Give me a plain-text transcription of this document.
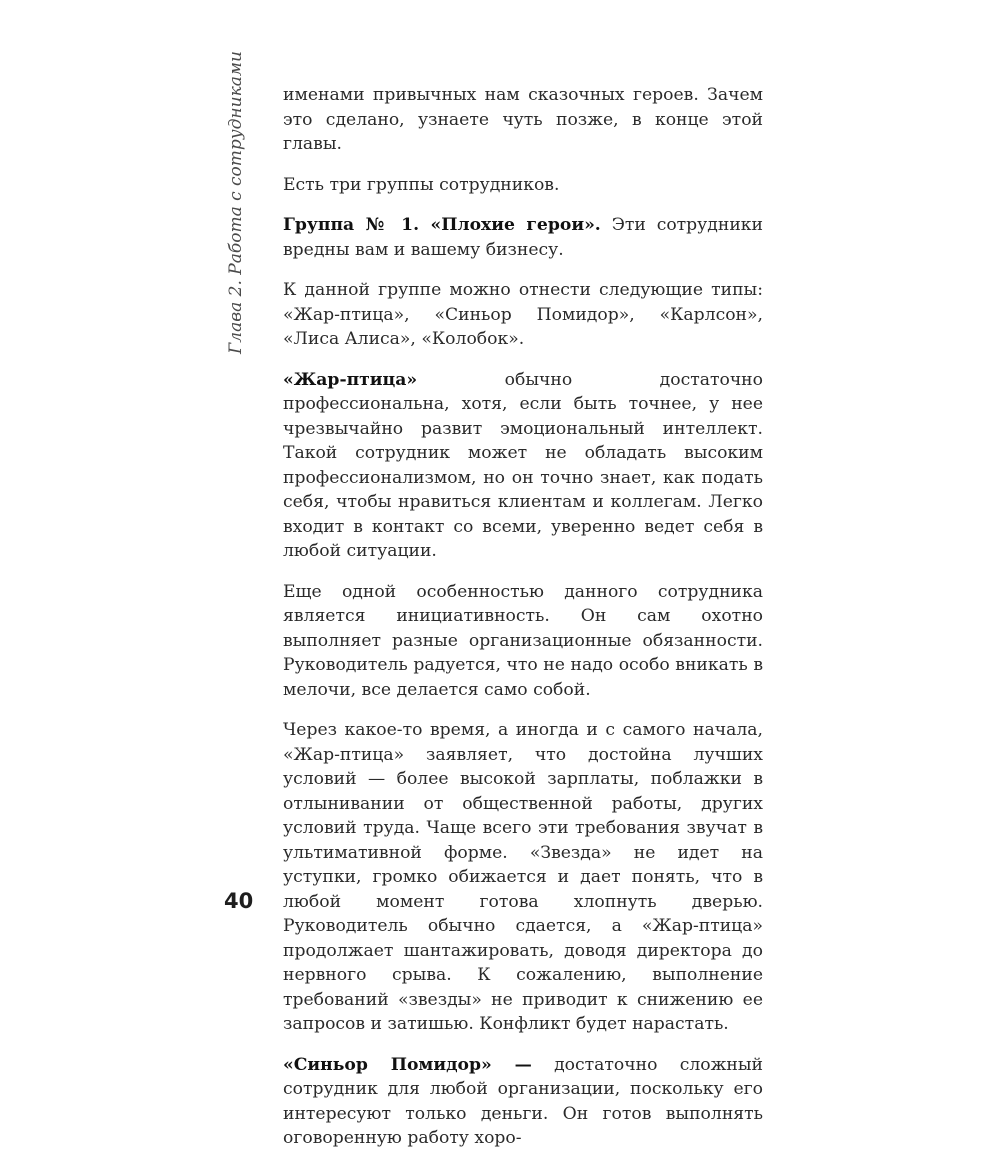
Глава 2. Работа с сотрудниками
40

именами привычных нам сказочных героев. Зачем это сделано, узнаете чуть позже, в конце этой главы.

Есть три группы сотрудников.

Группа № 1. «Плохие герои». Эти сотрудники вредны вам и вашему бизнесу.

К данной группе можно отнести следующие типы: «Жар-птица», «Синьор Помидор», «Карлсон», «Лиса Алиса», «Колобок».

«Жар-птица» обычно достаточно профессиональна, хотя, если быть точнее, у нее чрезвычайно развит эмоциональный интеллект. Такой сотрудник может не обладать высоким профессионализмом, но он точно знает, как подать себя, чтобы нравиться клиентам и коллегам. Легко входит в контакт со всеми, уверенно ведет себя в любой ситуации.

Еще одной особенностью данного сотрудника является инициативность. Он сам охотно выполняет разные организационные обязанности. Руководитель радуется, что не надо особо вникать в мелочи, все делается само собой.

Через какое-то время, а иногда и с самого начала, «Жар-птица» заявляет, что достойна лучших условий — более высокой зарплаты, поблажки в отлынивании от общественной работы, других условий труда. Чаще всего эти требования звучат в ультимативной форме. «Звезда» не идет на уступки, громко обижается и дает понять, что в любой момент готова хлопнуть дверью. Руководитель обычно сдается, а «Жар-птица» продолжает шантажировать, доводя директора до нервного срыва. К сожалению, выполнение требований «звезды» не приводит к снижению ее запросов и затишью. Конфликт будет нарастать.

«Синьор Помидор» — достаточно сложный сотрудник для любой организации, поскольку его интересуют только деньги. Он готов выполнять оговоренную работу хоро-
